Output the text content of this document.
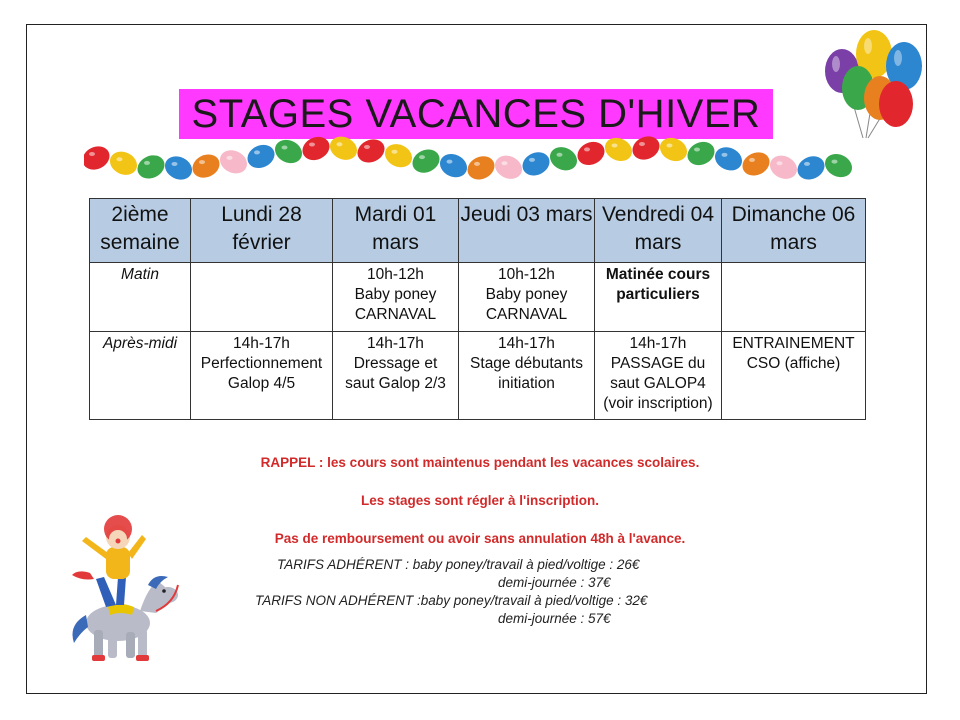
STAGES VACANCES D'HIVER
2ième semaine	Lundi 28 février	Mardi 01 mars	Jeudi 03 mars	Vendredi 04 mars	Dimanche 06 mars
Matin		10h-12h
Baby poney
CARNAVAL	10h-12h
Baby poney
CARNAVAL	Matinée cours particuliers	
Après-midi	14h-17h
Perfectionnement
Galop 4/5	14h-17h
Dressage et
saut Galop 2/3	14h-17h
Stage débutants
initiation	14h-17h
PASSAGE du
saut GALOP4
(voir inscription)	ENTRAINEMENT
CSO (affiche)

RAPPEL : les cours sont maintenus pendant les vacances scolaires.

Les stages sont régler à l'inscription.

Pas de remboursement ou avoir sans annulation 48h à l'avance.

TARIFS ADHÉRENT : baby poney/travail à pied/voltige : 26€
demi-journée : 37€
TARIFS NON ADHÉRENT :baby poney/travail à pied/voltige : 32€
demi-journée : 57€
